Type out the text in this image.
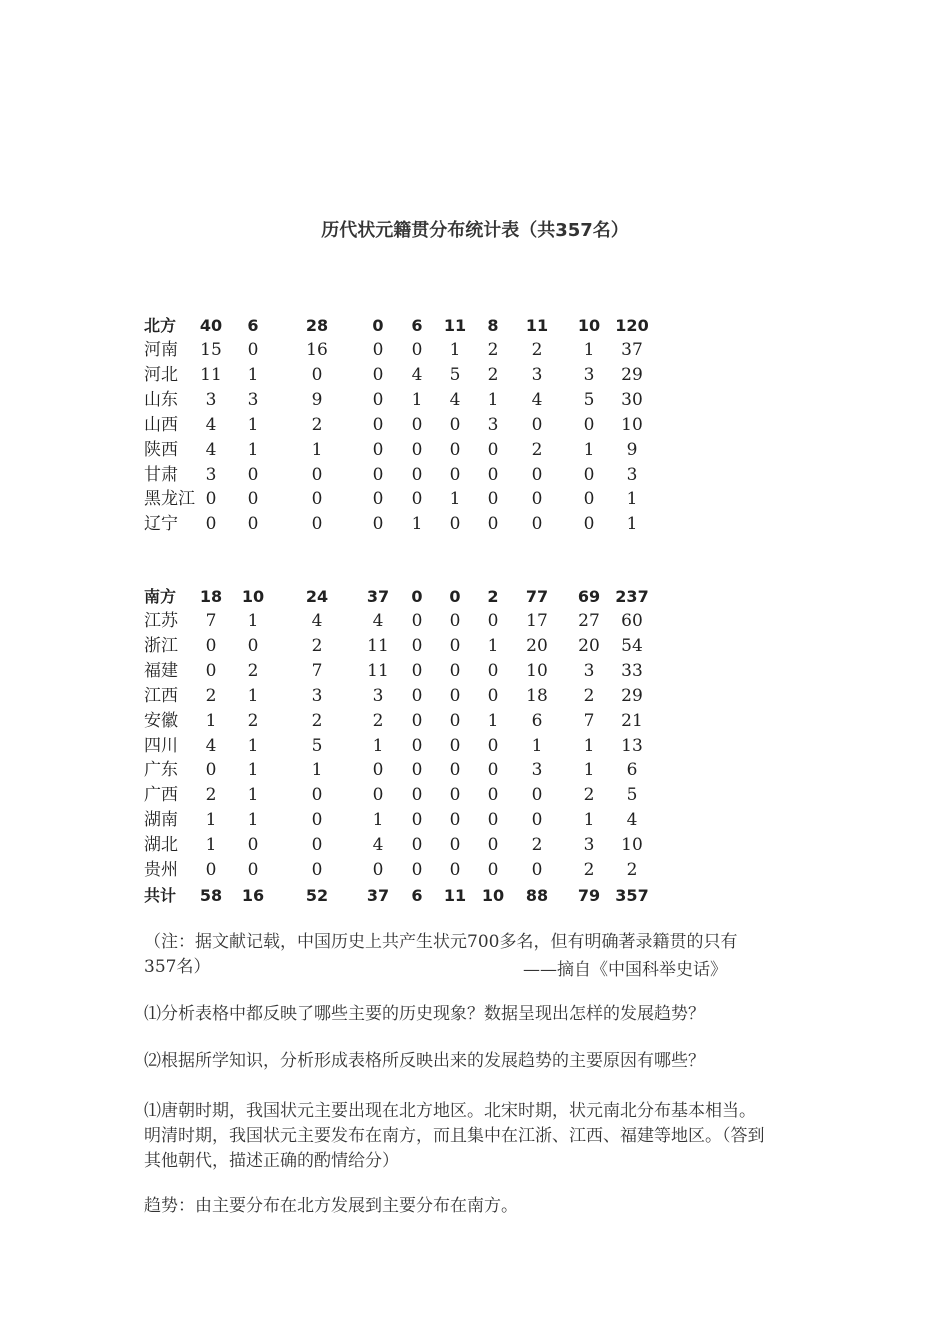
历代状元籍贯分布统计表（共357名）
北方	40	6	28	0	6	11	8	11	10 120
河南	15	0	16	0	0	1	2	2	1	37
河北	11	1	0	0	4	5	2	3	3	29
山东	3	3	9	0	1	4	1	4	5	30
山西	4	1	2	0	0	0	3	0	0	10
陕西	4	1	1	0	0	0	0	2	1	9
甘肃	3	0	0	0	0	0	0	0	0	3
黑龙江 0	0	0	0	0	1	0	0	0	1
辽宁	0	0	0	0	1	0	0	0	0	1
南方	18	10	24	37	0	0	2	77	69 237
江苏	7	1	4	4	0	0	0	17	27	60
浙江	0	0	2	11	0	0	1	20	20	54
福建	0	2	7	11	0	0	0	10	3	33
江西	2	1	3	3	0	0	0	18	2	29
安徽	1	2	2	2	0	0	1	6	7	21
四川	4	1	5	1	0	0	0	1	1	13
广东	0	1	1	0	0	0	0	3	1	6
广西	2	1	0	0	0	0	0	0	2	5
湖南	1	1	0	1	0	0	0	0	1	4
湖北	1	0	0	4	0	0	0	2	3	10
贵州	0	0	0	0	0	0	0	0	2	2
共计	58	16	52	37	6	11 10	88	79 357
（注：据文献记载，中国历史上共产生状元700多名，但有明确著录籍贯的只有
357名）	——摘自《中国科举史话》
⑴分析表格中都反映了哪些主要的历史现象？数据呈现出怎样的发展趋势？
⑵根据所学知识，分析形成表格所反映出来的发展趋势的主要原因有哪些？
⑴唐朝时期，我国状元主要出现在北方地区。北宋时期，状元南北分布基本相当。
明清时期，我国状元主要发布在南方，而且集中在江浙、江西、福建等地区。（答到
其他朝代，描述正确的酌情给分）
趋势：由主要分布在北方发展到主要分布在南方。
